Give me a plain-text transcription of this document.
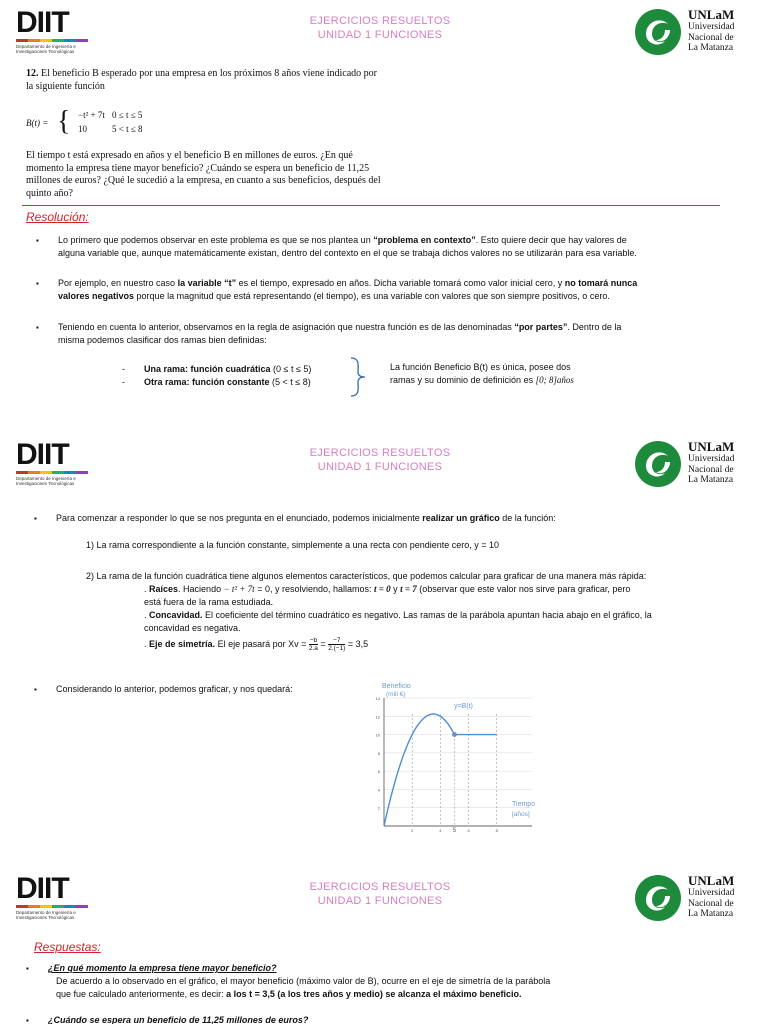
DIIT
Departamento de Ingeniería e Investigaciones Tecnológicas
EJERCICIOS RESUELTOS
UNIDAD 1 FUNCIONES
UNLaM
Universidad
Nacional de
La Matanza
12. El beneficio B esperado por una empresa en los próximos 8 años viene indicado por
la siguiente función
B(t) = { −t² + 7t 0 ≤ t ≤ 5
10	5 < t ≤ 8
El tiempo t está expresado en años y el beneficio B en millones de euros. ¿En qué
momento la empresa tiene mayor beneficio? ¿Cuándo se espera un beneficio de 11,25
millones de euros? ¿Qué le sucedió a la empresa, en cuanto a sus beneficios, después del
quinto año?
Resolución:
▪ Lo primero que podemos observar en este problema es que se nos plantea un “problema en contexto”. Esto quiere decir que hay valores de
alguna variable que, aunque matemáticamente existan, dentro del contexto en el que se trabaja dichos valores no se utilizarán para esa variable.
▪ Por ejemplo, en nuestro caso la variable “t” es el tiempo, expresado en años. Dicha variable tomará como valor inicial cero, y no tomará nunca
valores negativos porque la magnitud que está representando (el tiempo), es una variable con valores que son siempre positivos, o cero.
▪ Teniendo en cuenta lo anterior, observamos en la regla de asignación que nuestra función es de las denominadas “por partes”. Dentro de la
misma podemos clasificar dos ramas bien definidas:
- Una rama: función cuadrática (0 ≤ t ≤ 5)
- Otra rama: función constante (5 < t ≤ 8)
La función Beneficio B(t) es única, posee dos
ramas y su dominio de definición es [0; 8]años
DIIT
Departamento de Ingeniería e Investigaciones Tecnológicas
EJERCICIOS RESUELTOS
UNIDAD 1 FUNCIONES
UNLaM
Universidad
Nacional de
La Matanza
▪ Para comenzar a responder lo que se nos pregunta en el enunciado, podemos inicialmente realizar un gráfico de la función:
1) La rama correspondiente a la función constante, simplemente a una recta con pendiente cero, y = 10
2) La rama de la función cuadrática tiene algunos elementos característicos, que podemos calcular para graficar de una manera más rápida:
. Raíces. Haciendo − t² + 7t = 0, y resolviendo, hallamos: t = 0 y t = 7 (observar que este valor nos sirve para graficar, pero
está fuera de la rama estudiada.
. Concavidad. El coeficiente del término cuadrático es negativo. Las ramas de la parábola apuntan hacia abajo en el gráfico, la
concavidad es negativa.
. Eje de simetría. El eje pasará por $Xv = \frac{-b}{2.a} = \frac{-7}{2.(-1)} = 3,5$
▪ Considerando lo anterior, podemos graficar, y nos quedará:
14
12
10
8
6
4
2
2	4 5	6	8
Beneficio
(mill €)
y=B(t)
Tiempo
[años]
DIIT
Departamento de Ingeniería e Investigaciones Tecnológicas
EJERCICIOS RESUELTOS
UNIDAD 1 FUNCIONES
UNLaM
Universidad
Nacional de
La Matanza
Respuestas:
▪ ¿En qué momento la empresa tiene mayor beneficio?
De acuerdo a lo observado en el gráfico, el mayor beneficio (máximo valor de B), ocurre en el eje de simetría de la parábola
que fue calculado anteriormente, es decir: a los t = 3,5 (a los tres años y medio) se alcanza el máximo beneficio.
▪ ¿Cuándo se espera un beneficio de 11,25 millones de euros?
